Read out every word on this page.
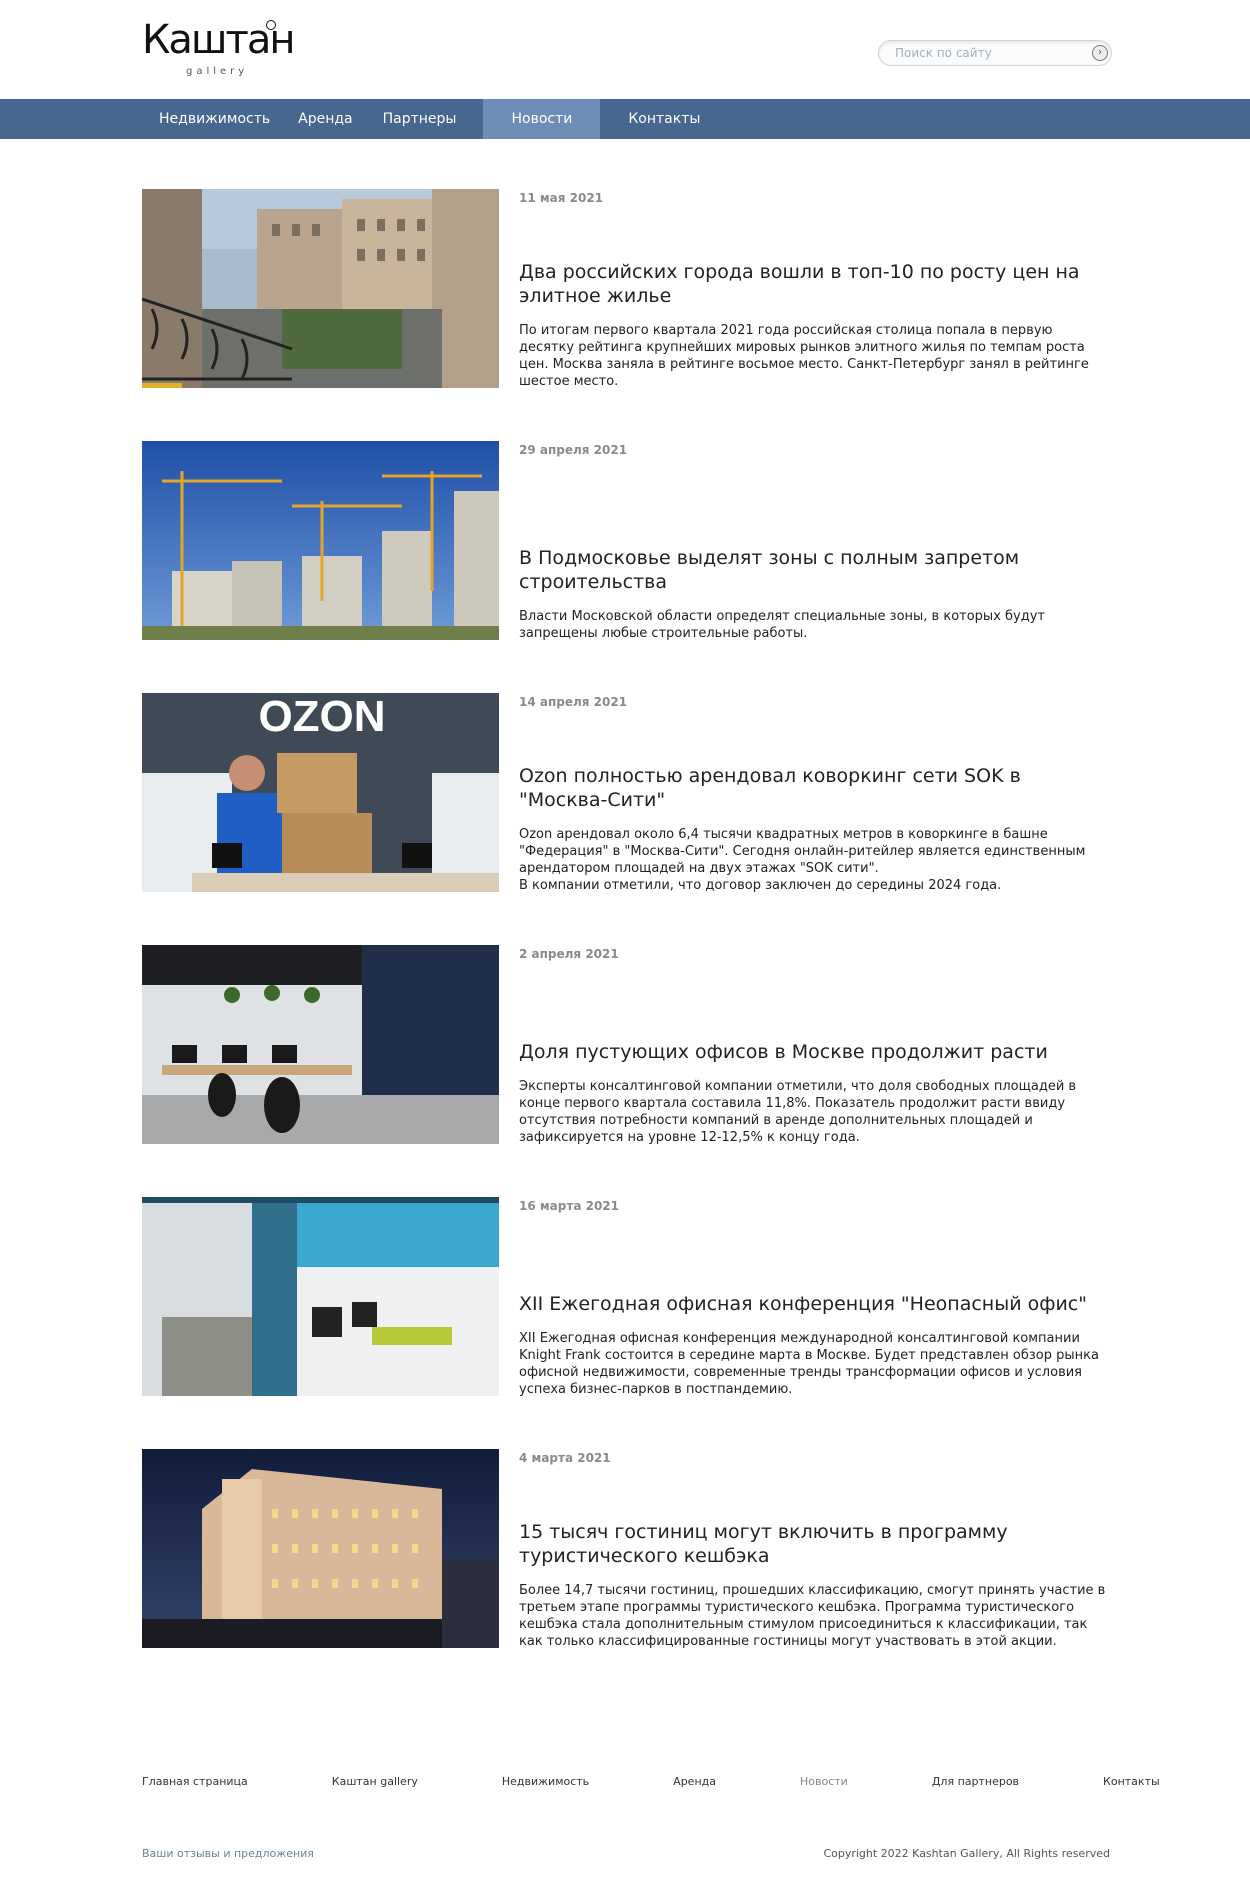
Каштан
gallery
Поиск по сайту
›
Недвижимость	Аренда	Партнеры	Новости	Контакты
11 мая 2021
Два российских города вошли в топ-10 по росту цен на элитное жилье

По итогам первого квартала 2021 года российская столица попала в первую десятку рейтинга крупнейших мировых рынков элитного жилья по темпам роста цен. Москва заняла в рейтинге восьмое место. Санкт-Петербург занял в рейтинге шестое место.

29 апреля 2021
В Подмосковье выделят зоны с полным запретом строительства

Власти Московской области определят специальные зоны, в которых будут запрещены любые строительные работы.

OZON	14 апреля 2021
Ozon полностью арендовал коворкинг сети SOK в "Москва-Сити"

Ozon арендовал около 6,4 тысячи квадратных метров в коворкинге в башне "Федерация" в "Москва-Сити". Сегодня онлайн-ритейлер является единственным арендатором площадей на двух этажах "SOK сити".
В компании отметили, что договор заключен до середины 2024 года.

2 апреля 2021
Доля пустующих офисов в Москве продолжит расти

Эксперты консалтинговой компании отметили, что доля свободных площадей в конце первого квартала составила 11,8%. Показатель продолжит расти ввиду отсутствия потребности компаний в аренде дополнительных площадей и зафиксируется на уровне 12-12,5% к концу года.

16 марта 2021
XII Ежегодная офисная конференция "Неопасный офис"

XII Ежегодная офисная конференция международной консалтинговой компании Knight Frank состоится в середине марта в Москве. Будет представлен обзор рынка офисной недвижимости, современные тренды трансформации офисов и условия успеха бизнес-парков в постпандемию.

4 марта 2021
15 тысяч гостиниц могут включить в программу туристического кешбэка

Более 14,7 тысячи гостиниц, прошедших классификацию, смогут принять участие в третьем этапе программы туристического кешбэка. Программа туристического кешбэка стала дополнительным стимулом присоединиться к классификации, так как только классифицированные гостиницы могут участвовать в этой акции.

Главная страница	Каштан gallery	Недвижимость	Аренда	Новости	Для партнеров	Контакты
Ваши отзывы и предложения	Copyright 2022 Kashtan Gallery, All Rights reserved
